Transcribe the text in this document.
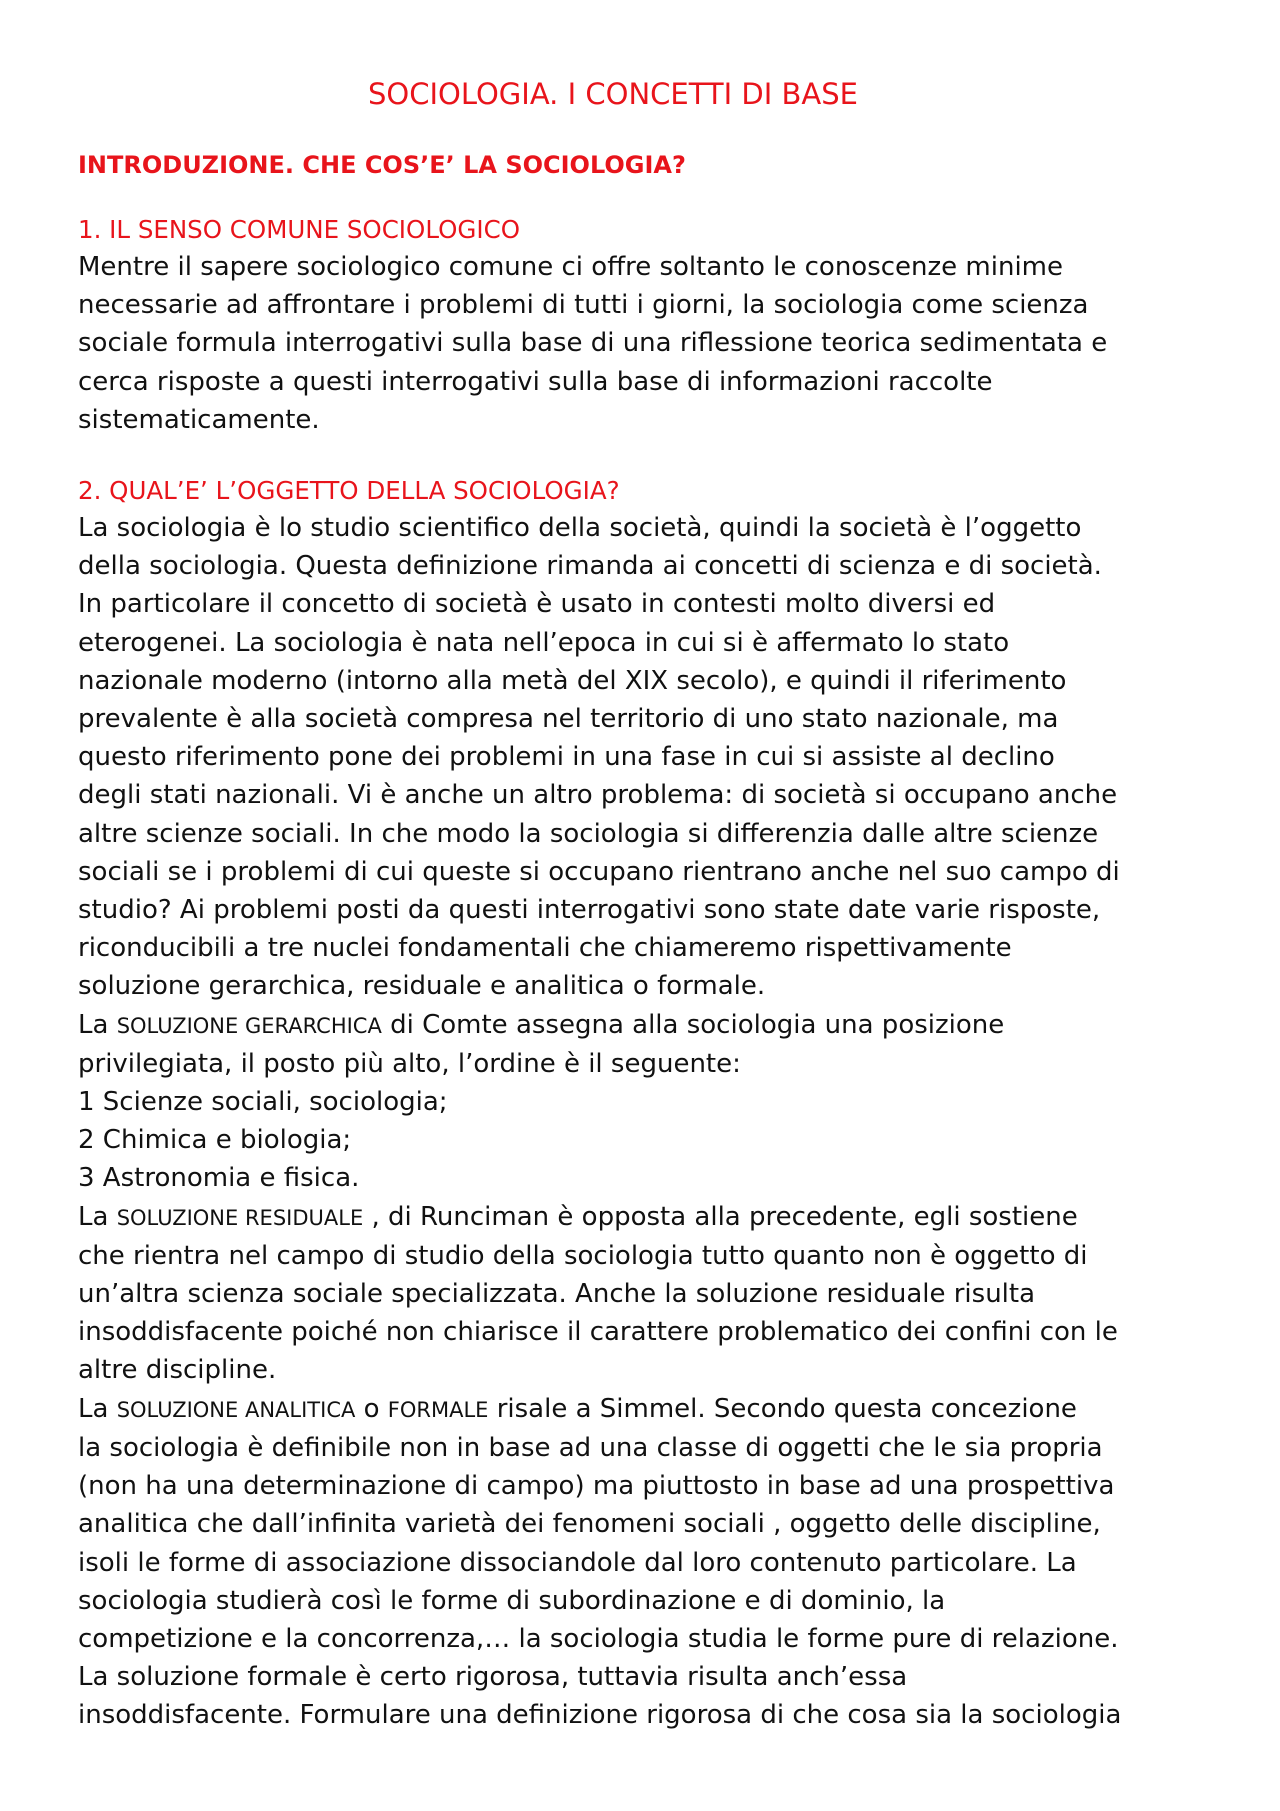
SOCIOLOGIA. I CONCETTI DI BASE
INTRODUZIONE. CHE COS’E’ LA SOCIOLOGIA?
1. IL SENSO COMUNE SOCIOLOGICO

Mentre il sapere sociologico comune ci offre soltanto le conoscenze minime
necessarie ad affrontare i problemi di tutti i giorni, la sociologia come scienza
sociale formula interrogativi sulla base di una riflessione teorica sedimentata e
cerca risposte a questi interrogativi sulla base di informazioni raccolte
sistematicamente.

2. QUAL’E’ L’OGGETTO DELLA SOCIOLOGIA?

La sociologia è lo studio scientifico della società, quindi la società è l’oggetto
della sociologia. Questa definizione rimanda ai concetti di scienza e di società.
In particolare il concetto di società è usato in contesti molto diversi ed
eterogenei. La sociologia è nata nell’epoca in cui si è affermato lo stato
nazionale moderno (intorno alla metà del XIX secolo), e quindi il riferimento
prevalente è alla società compresa nel territorio di uno stato nazionale, ma
questo riferimento pone dei problemi in una fase in cui si assiste al declino
degli stati nazionali. Vi è anche un altro problema: di società si occupano anche
altre scienze sociali. In che modo la sociologia si differenzia dalle altre scienze
sociali se i problemi di cui queste si occupano rientrano anche nel suo campo di
studio? Ai problemi posti da questi interrogativi sono state date varie risposte,
riconducibili a tre nuclei fondamentali che chiameremo rispettivamente
soluzione gerarchica, residuale e analitica o formale.

La SOLUZIONE GERARCHICA di Comte assegna alla sociologia una posizione
privilegiata, il posto più alto, l’ordine è il seguente:

1 Scienze sociali, sociologia;

2 Chimica e biologia;

3 Astronomia e fisica.

La SOLUZIONE RESIDUALE , di Runciman è opposta alla precedente, egli sostiene
che rientra nel campo di studio della sociologia tutto quanto non è oggetto di
un’altra scienza sociale specializzata. Anche la soluzione residuale risulta
insoddisfacente poiché non chiarisce il carattere problematico dei confini con le
altre discipline.

La SOLUZIONE ANALITICA o FORMALE risale a Simmel. Secondo questa concezione
la sociologia è definibile non in base ad una classe di oggetti che le sia propria
(non ha una determinazione di campo) ma piuttosto in base ad una prospettiva
analitica che dall’infinita varietà dei fenomeni sociali , oggetto delle discipline,
isoli le forme di associazione dissociandole dal loro contenuto particolare. La
sociologia studierà così le forme di subordinazione e di dominio, la
competizione e la concorrenza,… la sociologia studia le forme pure di relazione.
La soluzione formale è certo rigorosa, tuttavia risulta anch’essa
insoddisfacente. Formulare una definizione rigorosa di che cosa sia la sociologia
